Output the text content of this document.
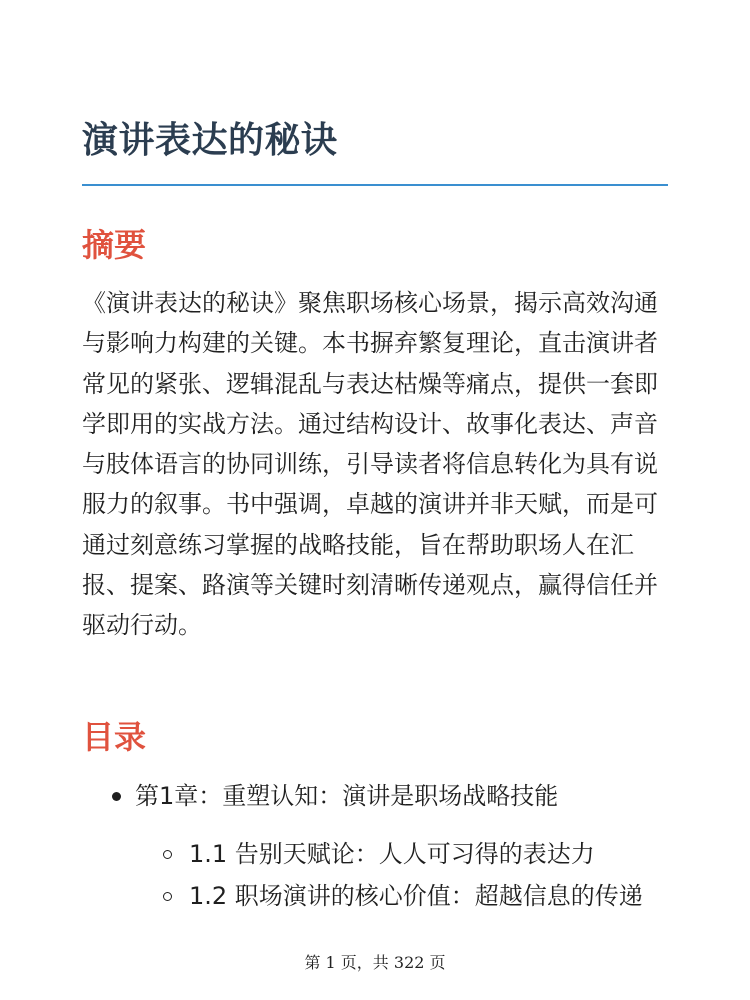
演讲表达的秘诀
摘要

《演讲表达的秘诀》聚焦职场核心场景，揭示高效沟通与影响力构建的关键。本书摒弃繁复理论，直击演讲者常见的紧张、逻辑混乱与表达枯燥等痛点，提供一套即学即用的实战方法。通过结构设计、故事化表达、声音与肢体语言的协同训练，引导读者将信息转化为具有说服力的叙事。书中强调，卓越的演讲并非天赋，而是可通过刻意练习掌握的战略技能，旨在帮助职场人在汇报、提案、路演等关键时刻清晰传递观点，赢得信任并驱动行动。

目录
第1章：重塑认知：演讲是职场战略技能
1.1 告别天赋论：人人可习得的表达力
1.2 职场演讲的核心价值：超越信息的传递
第 1 页，共 322 页
